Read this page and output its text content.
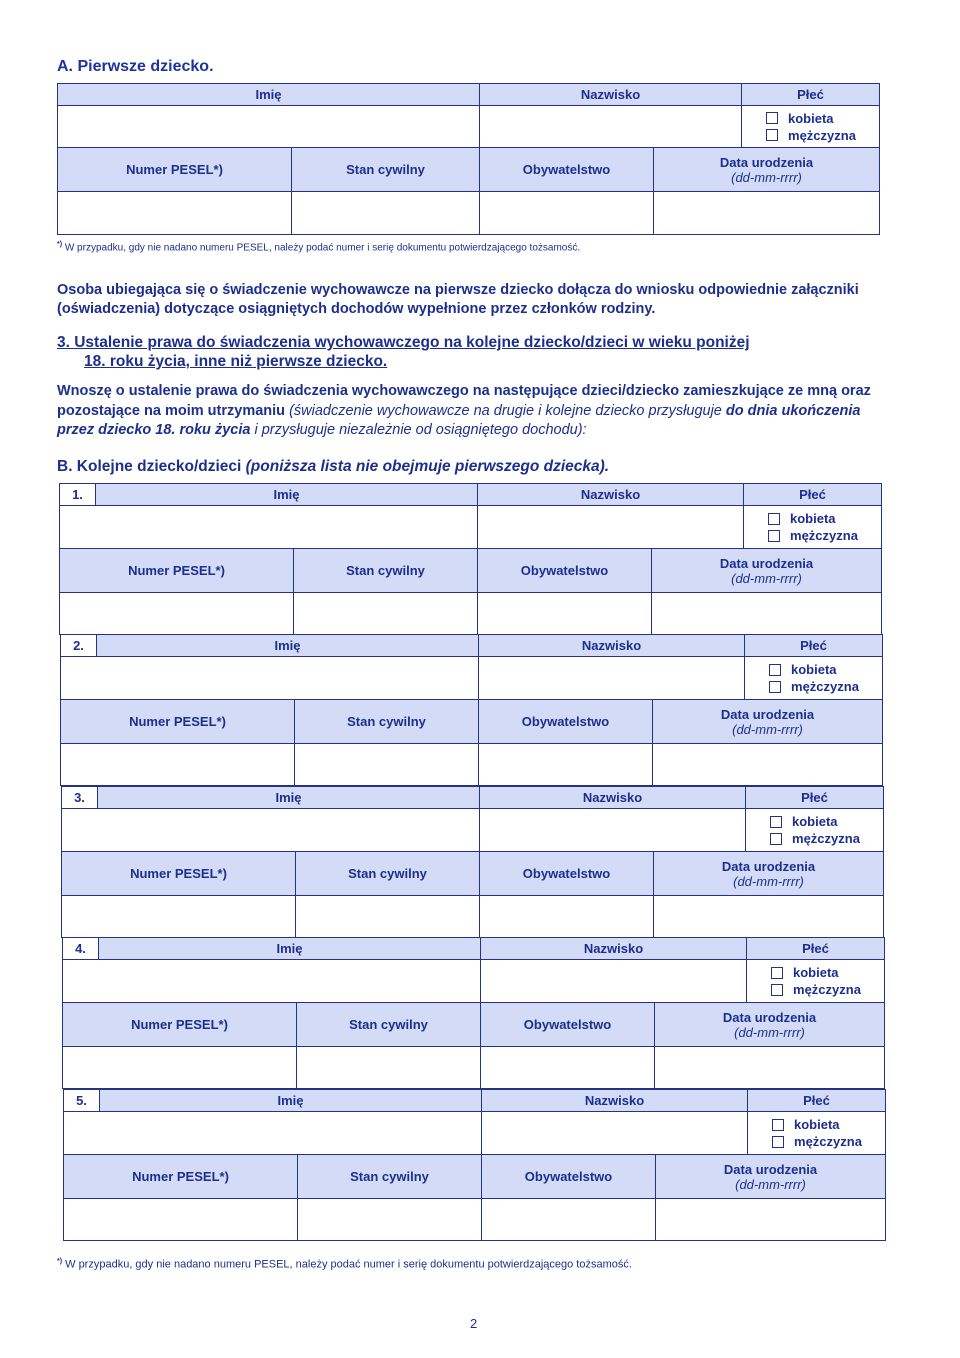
A. Pierwsze dziecko.
Imię		Nazwisko		Płeć

				kobieta
mężczyzna

Numer PESEL*)	Stan cywilny	Obywatelstwo	Data urodzenia
(dd-mm-rrrr)	

*) W przypadku, gdy nie nadano numeru PESEL, należy podać numer i serię dokumentu potwierdzającego tożsamość.
Osoba ubiegająca się o świadczenie wychowawcze na pierwsze dziecko dołącza do wniosku odpowiednie załączniki (oświadczenia) dotyczące osiągniętych dochodów wypełnione przez członków rodziny.
3. Ustalenie prawa do świadczenia wychowawczego na kolejne dziecko/dzieci w wieku poniżej
18. roku życia, inne niż pierwsze dziecko.
Wnoszę o ustalenie prawa do świadczenia wychowawczego na następujące dzieci/dziecko zamieszkujące ze mną oraz pozostające na moim utrzymaniu (świadczenie wychowawcze na drugie i kolejne dziecko przysługuje do dnia ukończenia przez dziecko 18. roku życia i przysługuje niezależnie od osiągniętego dochodu):
B. Kolejne dziecko/dzieci (poniższa lista nie obejmuje pierwszego dziecka).
1.	Imię		Nazwisko		Płeć

					kobieta
mężczyzna

Numer PESEL*)		Stan cywilny	Obywatelstwo	Data urodzenia
(dd-mm-rrrr)	

2.	Imię		Nazwisko		Płeć

					kobieta
mężczyzna

Numer PESEL*)		Stan cywilny	Obywatelstwo	Data urodzenia
(dd-mm-rrrr)	

3.	Imię		Nazwisko		Płeć

					kobieta
mężczyzna

Numer PESEL*)		Stan cywilny	Obywatelstwo	Data urodzenia
(dd-mm-rrrr)	

4.	Imię		Nazwisko		Płeć

					kobieta
mężczyzna

Numer PESEL*)		Stan cywilny	Obywatelstwo	Data urodzenia
(dd-mm-rrrr)	

5.	Imię		Nazwisko		Płeć

					kobieta
mężczyzna

Numer PESEL*)		Stan cywilny	Obywatelstwo	Data urodzenia
(dd-mm-rrrr)	

*) W przypadku, gdy nie nadano numeru PESEL, należy podać numer i serię dokumentu potwierdzającego tożsamość.
2
